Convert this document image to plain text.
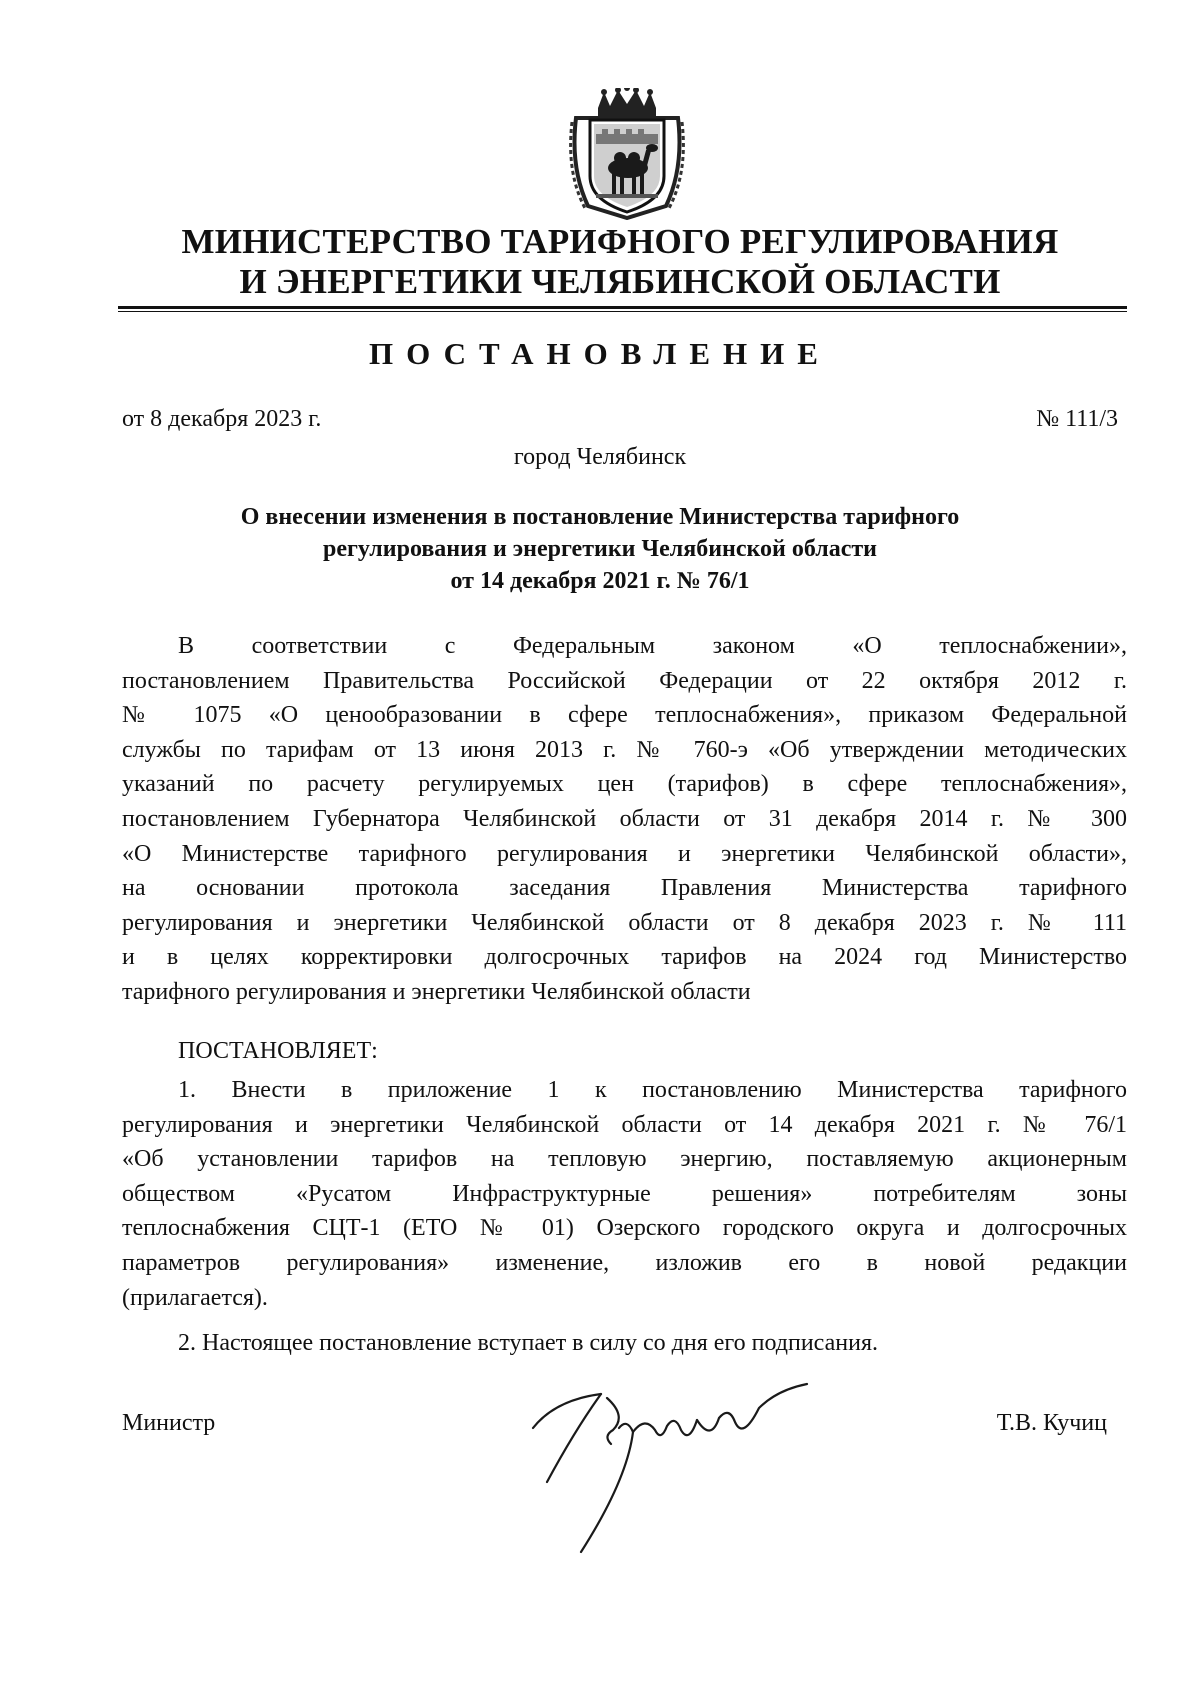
МИНИСТЕРСТВО ТАРИФНОГО РЕГУЛИРОВАНИЯ
И ЭНЕРГЕТИКИ ЧЕЛЯБИНСКОЙ ОБЛАСТИ
ПОСТАНОВЛЕНИЕ
от 8 декабря 2023 г.	№ 111/3
город Челябинск
О внесении изменения в постановление Министерства тарифного
регулирования и энергетики Челябинской области
от 14 декабря 2021 г. № 76/1

В соответствии с Федеральным законом «О теплоснабжении»,

постановлением Правительства Российской Федерации от 22 октября 2012 г.

№ 1075 «О ценообразовании в сфере теплоснабжения», приказом Федеральной

службы по тарифам от 13 июня 2013 г. № 760-э «Об утверждении методических

указаний по расчету регулируемых цен (тарифов) в сфере теплоснабжения»,

постановлением Губернатора Челябинской области от 31 декабря 2014 г. № 300

«О Министерстве тарифного регулирования и энергетики Челябинской области»,

на основании протокола заседания Правления Министерства тарифного

регулирования и энергетики Челябинской области от 8 декабря 2023 г. № 111

и в целях корректировки долгосрочных тарифов на 2024 год Министерство

тарифного регулирования и энергетики Челябинской области

ПОСТАНОВЛЯЕТ:

1. Внести в приложение 1 к постановлению Министерства тарифного

регулирования и энергетики Челябинской области от 14 декабря 2021 г. № 76/1

«Об установлении тарифов на тепловую энергию, поставляемую акционерным

обществом «Русатом Инфраструктурные решения» потребителям зоны

теплоснабжения СЦТ-1 (ЕТО № 01) Озерского городского округа и долгосрочных

параметров регулирования» изменение, изложив его в новой редакции

(прилагается).

2. Настоящее постановление вступает в силу со дня его подписания.
Министр	Т.В. Кучиц
